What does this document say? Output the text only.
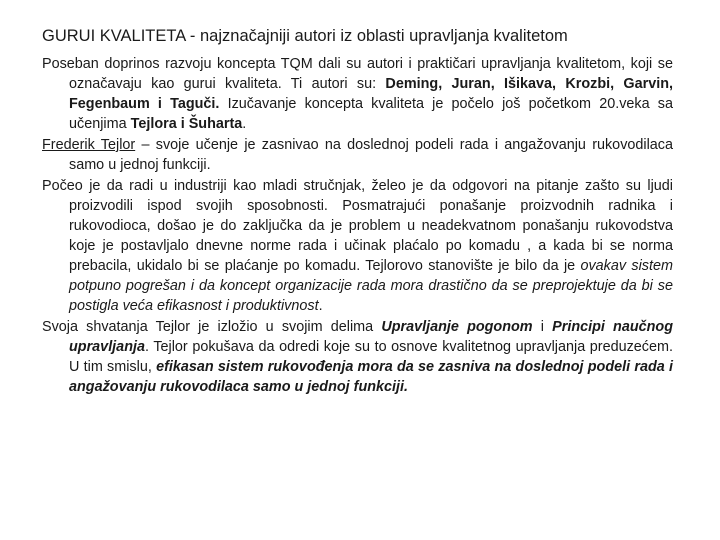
GURUI KVALITETA - najznačajniji autori iz oblasti upravljanja kvalitetom

Poseban doprinos razvoju koncepta TQM dali su autori i praktičari upravljanja kvalitetom, koji se označavaju kao gurui kvaliteta. Ti autori su: Deming, Juran, Išikava, Krozbi, Garvin, Fegenbaum i Taguči. Izučavanje koncepta kvaliteta je počelo još početkom 20.veka sa učenjima Tejlora i Šuharta.

Frederik Tejlor – svoje učenje je zasnivao na doslednoj podeli rada i angažovanju rukovodilaca samo u jednoj funkciji.

Počeo je da radi u industriji kao mladi stručnjak, želeo je da odgovori na pitanje zašto su ljudi proizvodili ispod svojih sposobnosti. Posmatrajući ponašanje proizvodnih radnika i rukovodioca, došao je do zaključka da je problem u neadekvatnom ponašanju rukovodstva koje je postavljalo dnevne norme rada i učinak plaćalo po komadu , a kada bi se norma prebacila, ukidalo bi se plaćanje po komadu. Tejlorovo stanovište je bilo da je ovakav sistem potpuno pogrešan i da koncept organizacije rada mora drastično da se preprojektuje da bi se postigla veća efikasnost i produktivnost.

Svoja shvatanja Tejlor je izložio u svojim delima Upravljanje pogonom i Principi naučnog upravljanja. Tejlor pokušava da odredi koje su to osnove kvalitetnog upravljanja preduzećem. U tim smislu, efikasan sistem rukovođenja mora da se zasniva na doslednoj podeli rada i angažovanju rukovodilaca samo u jednoj funkciji.
